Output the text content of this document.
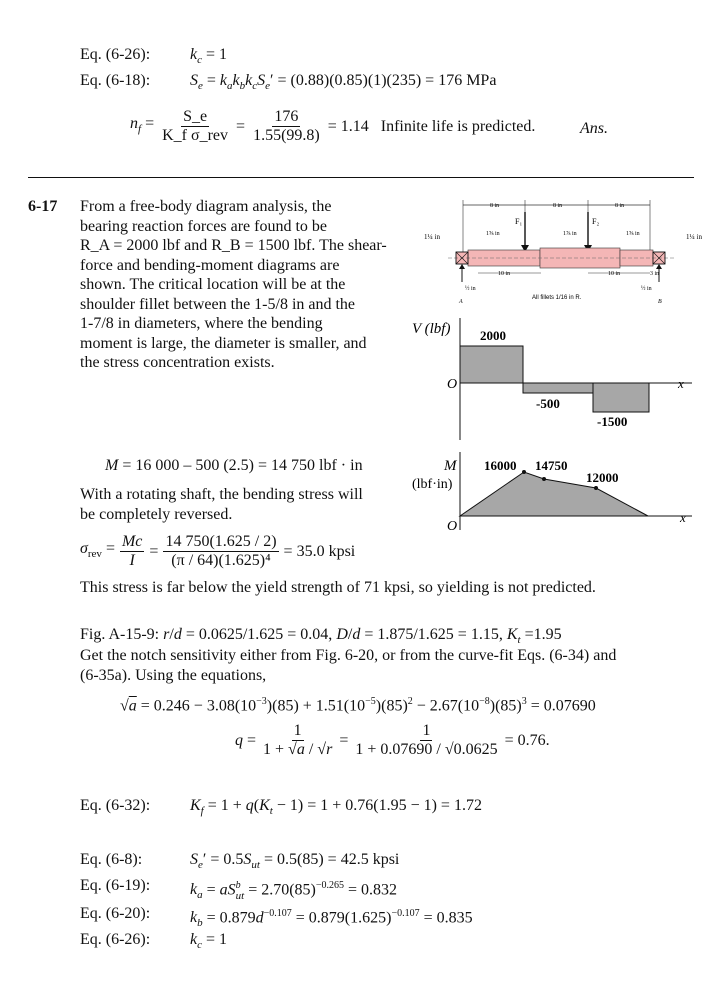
Eq. (6-26): $k_c = 1$
Eq. (6-18): $S_e = k_ak_bk_cS_e' = (0.88)(0.85)(1)(235) = 176$ MPa
$n_f = \frac{S\_e}{\text{K\_f σ\_rev}} = \frac{176}{1.55(99.8)} = 1.14$ Infinite life is predicted.	Ans.
6-17 From a free-body diagram analysis, the
bearing reaction forces are found to be
R_A = 2000 lbf and R_B = 1500 lbf. The shear-
force and bending-moment diagrams are
shown. The critical location will be at the
shoulder fillet between the 1-5/8 in and the
1-7/8 in diameters, where the bending
moment is large, the diameter is smaller, and
the stress concentration exists.
8 in	8 in	8 in
F₁	F₂
1¼ in	1⅝ in	1⅞ in	1⅝ in	1¼ in
10 in	10 in	3 in
½ in	½ in
All fillets 1/16 in R.
A	B
V (lbf) 2000
-500
-1500
O	x
M = 16 000 – 500 (2.5) = 14 750 lbf · in
With a rotating shaft, the bending stress will
be completely reversed.
M
(lbf·in)
16000 14750
12000
O
x
$\sigma_{rev} = \frac{Mc}{I} = \frac{14 750(1.625 / 2)}{\text{(π / 64)(1.625)⁴}} = 35.0$ kpsi
This stress is far below the yield strength of 71 kpsi, so yielding is not predicted.
Fig. A-15-9: r/d = 0.0625/1.625 = 0.04, D/d = 1.875/1.625 = 1.15, $K_t =1.95$
Get the notch sensitivity either from Fig. 6-20, or from the curve-fit Eqs. (6-34) and
(6-35a). Using the equations,
$√a = 0.246 - 3.08(10^{-3})(85) + 1.51(10^{-5})(85)^2 - 2.67(10^{-8})(85)^3 = 0.07690$
$q = \frac{1}{1 + √a / √r} = \frac{1}{1 + 0.07690 / √0.0625} = 0.76$.
Eq. (6-32): $K_f = 1 + q(K_t - 1) = 1 + 0.76(1.95 - 1) = 1.72$
Eq. (6-8):	$S_e' = 0.5S_{ut} = 0.5(85) = 42.5$ kpsi
Eq. (6-19): $k_a = aS^b_{ut} = 2.70(85)^{-0.265} = 0.832$
Eq. (6-20): $k_b = 0.879d^{-0.107} = 0.879(1.625)^{-0.107} = 0.835$
Eq. (6-26): $k_c = 1$
